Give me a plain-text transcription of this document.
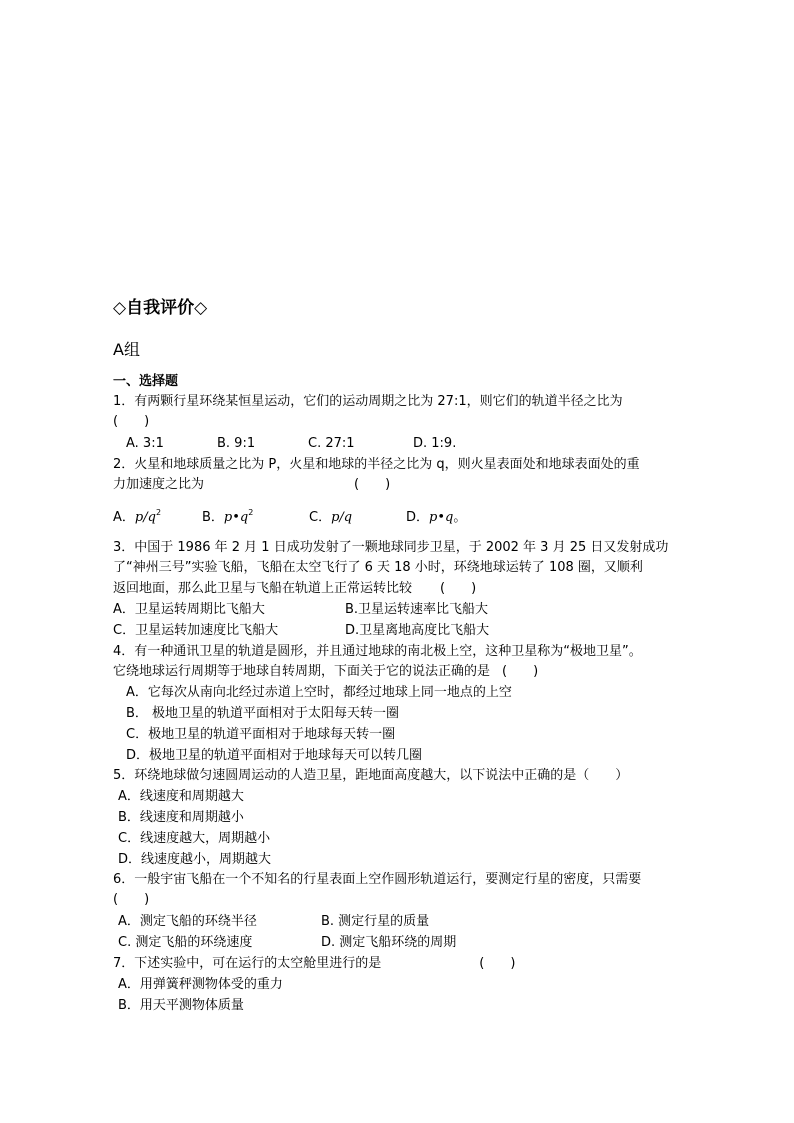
◇自我评价◇
A组
一、选择题
1．有两颗行星环绕某恒星运动，它们的运动周期之比为 27:1，则它们的轨道半径之比为
(　　)
A. 3:1	B. 9:1	C. 27:1	D. 1:9.
2．火星和地球质量之比为 P，火星和地球的半径之比为 q，则火星表面处和地球表面处的重
力加速度之比为	(　　)
A．$p/q^2$	B．$p•q^2$	C．p/q	D．p•q。
3．中国于 1986 年 2 月 1 日成功发射了一颗地球同步卫星，于 2002 年 3 月 25 日又发射成功
了“神州三号”实验飞船，飞船在太空飞行了 6 天 18 小时，环绕地球运转了 108 圈，又顺利
返回地面，那么此卫星与飞船在轨道上正常运转比较 (　　)
A．卫星运转周期比飞船大	B.卫星运转速率比飞船大
C．卫星运转加速度比飞船大	D.卫星离地高度比飞船大
4．有一种通讯卫星的轨道是圆形，并且通过地球的南北极上空，这种卫星称为“极地卫星”。
它绕地球运行周期等于地球自转周期，下面关于它的说法正确的是 (　　)
A．它每次从南向北经过赤道上空时，都经过地球上同一地点的上空
B． 极地卫星的轨道平面相对于太阳每天转一圈
C．极地卫星的轨道平面相对于地球每天转一圈
D．极地卫星的轨道平面相对于地球每天可以转几圈
5．环绕地球做匀速圆周运动的人造卫星，距地面高度越大，以下说法中正确的是（　　）
A．线速度和周期越大
B．线速度和周期越小
C．线速度越大，周期越小
D．线速度越小，周期越大
6．一般宇宙飞船在一个不知名的行星表面上空作圆形轨道运行，要测定行星的密度，只需要
(　　)
A．测定飞船的环绕半径	B. 测定行星的质量
C. 测定飞船的环绕速度	D. 测定飞船环绕的周期
7．下述实验中，可在运行的太空舱里进行的是	(　　)
A．用弹簧秤测物体受的重力
B．用天平测物体质量
